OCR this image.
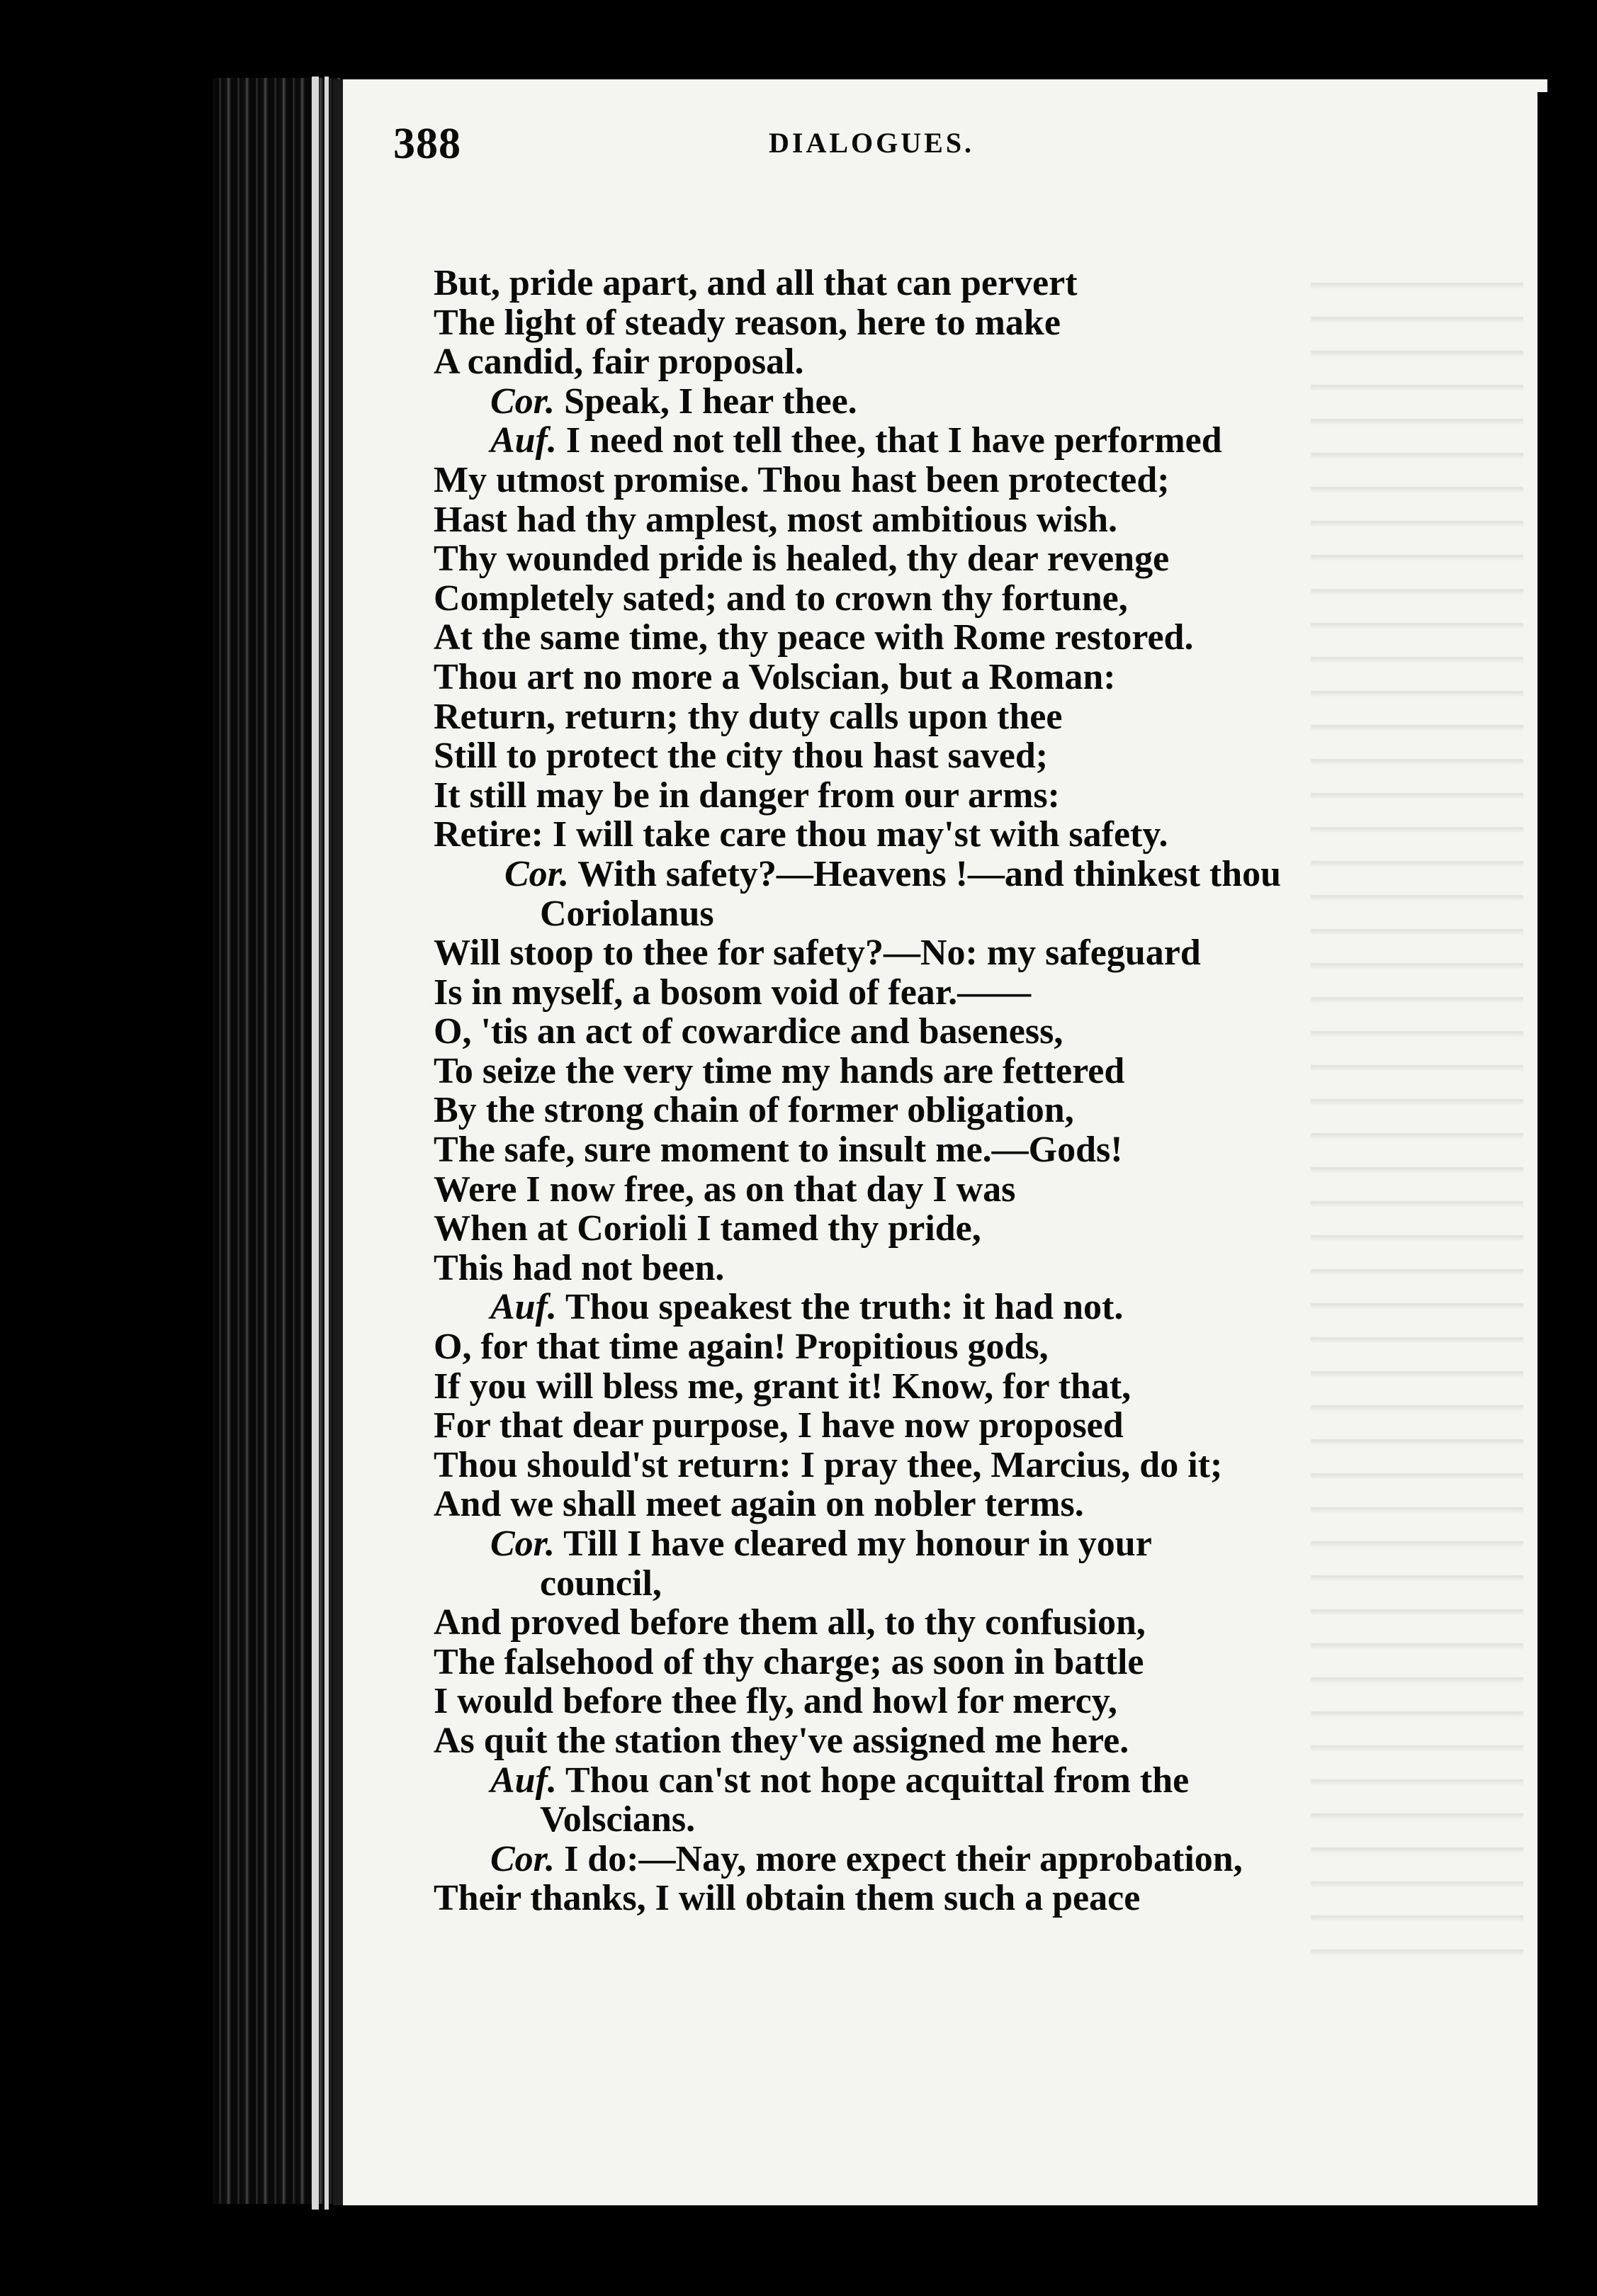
388	DIALOGUES.
But, pride apart, and all that can pervert
The light of steady reason, here to make
A candid, fair proposal.
Cor. Speak, I hear thee.
Auf. I need not tell thee, that I have performed
My utmost promise. Thou hast been protected;
Hast had thy amplest, most ambitious wish.
Thy wounded pride is healed, thy dear revenge
Completely sated; and to crown thy fortune,
At the same time, thy peace with Rome restored.
Thou art no more a Volscian, but a Roman:
Return, return; thy duty calls upon thee
Still to protect the city thou hast saved;
It still may be in danger from our arms:
Retire: I will take care thou may'st with safety.
Cor. With safety?—Heavens !—and thinkest thou
Coriolanus
Will stoop to thee for safety?—No: my safeguard
Is in myself, a bosom void of fear.——
O, 'tis an act of cowardice and baseness,
To seize the very time my hands are fettered
By the strong chain of former obligation,
The safe, sure moment to insult me.—Gods!
Were I now free, as on that day I was
When at Corioli I tamed thy pride,
This had not been.
Auf. Thou speakest the truth: it had not.
O, for that time again! Propitious gods,
If you will bless me, grant it! Know, for that,
For that dear purpose, I have now proposed
Thou should'st return: I pray thee, Marcius, do it;
And we shall meet again on nobler terms.
Cor. Till I have cleared my honour in your
council,
And proved before them all, to thy confusion,
The falsehood of thy charge; as soon in battle
I would before thee fly, and howl for mercy,
As quit the station they've assigned me here.
Auf. Thou can'st not hope acquittal from the
Volscians.
Cor. I do:—Nay, more expect their approbation,
Their thanks, I will obtain them such a peace
